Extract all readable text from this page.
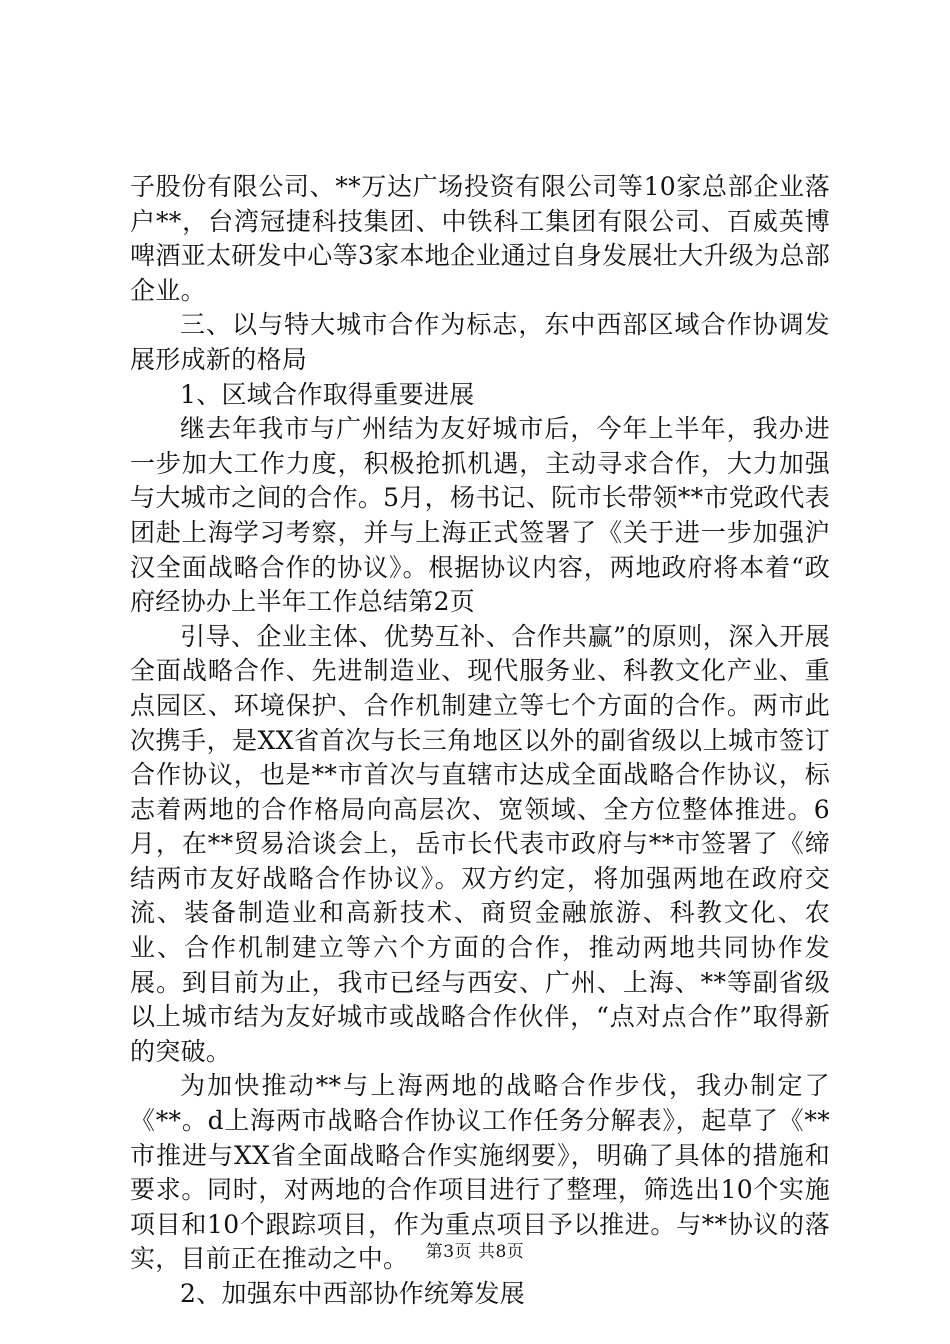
子股份有限公司、**万达广场投资有限公司等10家总部企业落户**，台湾冠捷科技集团、中铁科工集团有限公司、百威英博啤酒亚太研发中心等3家本地企业通过自身发展壮大升级为总部企业。

三、以与特大城市合作为标志，东中西部区域合作协调发展形成新的格局

1、区域合作取得重要进展

继去年我市与广州结为友好城市后，今年上半年，我办进一步加大工作力度，积极抢抓机遇，主动寻求合作，大力加强与大城市之间的合作。5月，杨书记、阮市长带领**市党政代表团赴上海学习考察，并与上海正式签署了《关于进一步加强沪汉全面战略合作的协议》。根据协议内容，两地政府将本着“政府经协办上半年工作总结第2页

引导、企业主体、优势互补、合作共赢”的原则，深入开展全面战略合作、先进制造业、现代服务业、科教文化产业、重点园区、环境保护、合作机制建立等七个方面的合作。两市此次携手，是XX省首次与长三角地区以外的副省级以上城市签订合作协议，也是**市首次与直辖市达成全面战略合作协议，标志着两地的合作格局向高层次、宽领域、全方位整体推进。6月，在**贸易洽谈会上，岳市长代表市政府与**市签署了《缔结两市友好战略合作协议》。双方约定，将加强两地在政府交流、装备制造业和高新技术、商贸金融旅游、科教文化、农业、合作机制建立等六个方面的合作，推动两地共同协作发展。到目前为止，我市已经与西安、广州、上海、**等副省级以上城市结为友好城市或战略合作伙伴，“点对点合作”取得新的突破。

为加快推动**与上海两地的战略合作步伐，我办制定了《**。d上海两市战略合作协议工作任务分解表》，起草了《**市推进与XX省全面战略合作实施纲要》，明确了具体的措施和要求。同时，对两地的合作项目进行了整理，筛选出10个实施项目和10个跟踪项目，作为重点项目予以推进。与**协议的落实，目前正在推动之中。

2、加强东中西部协作统筹发展

第3页 共8页
